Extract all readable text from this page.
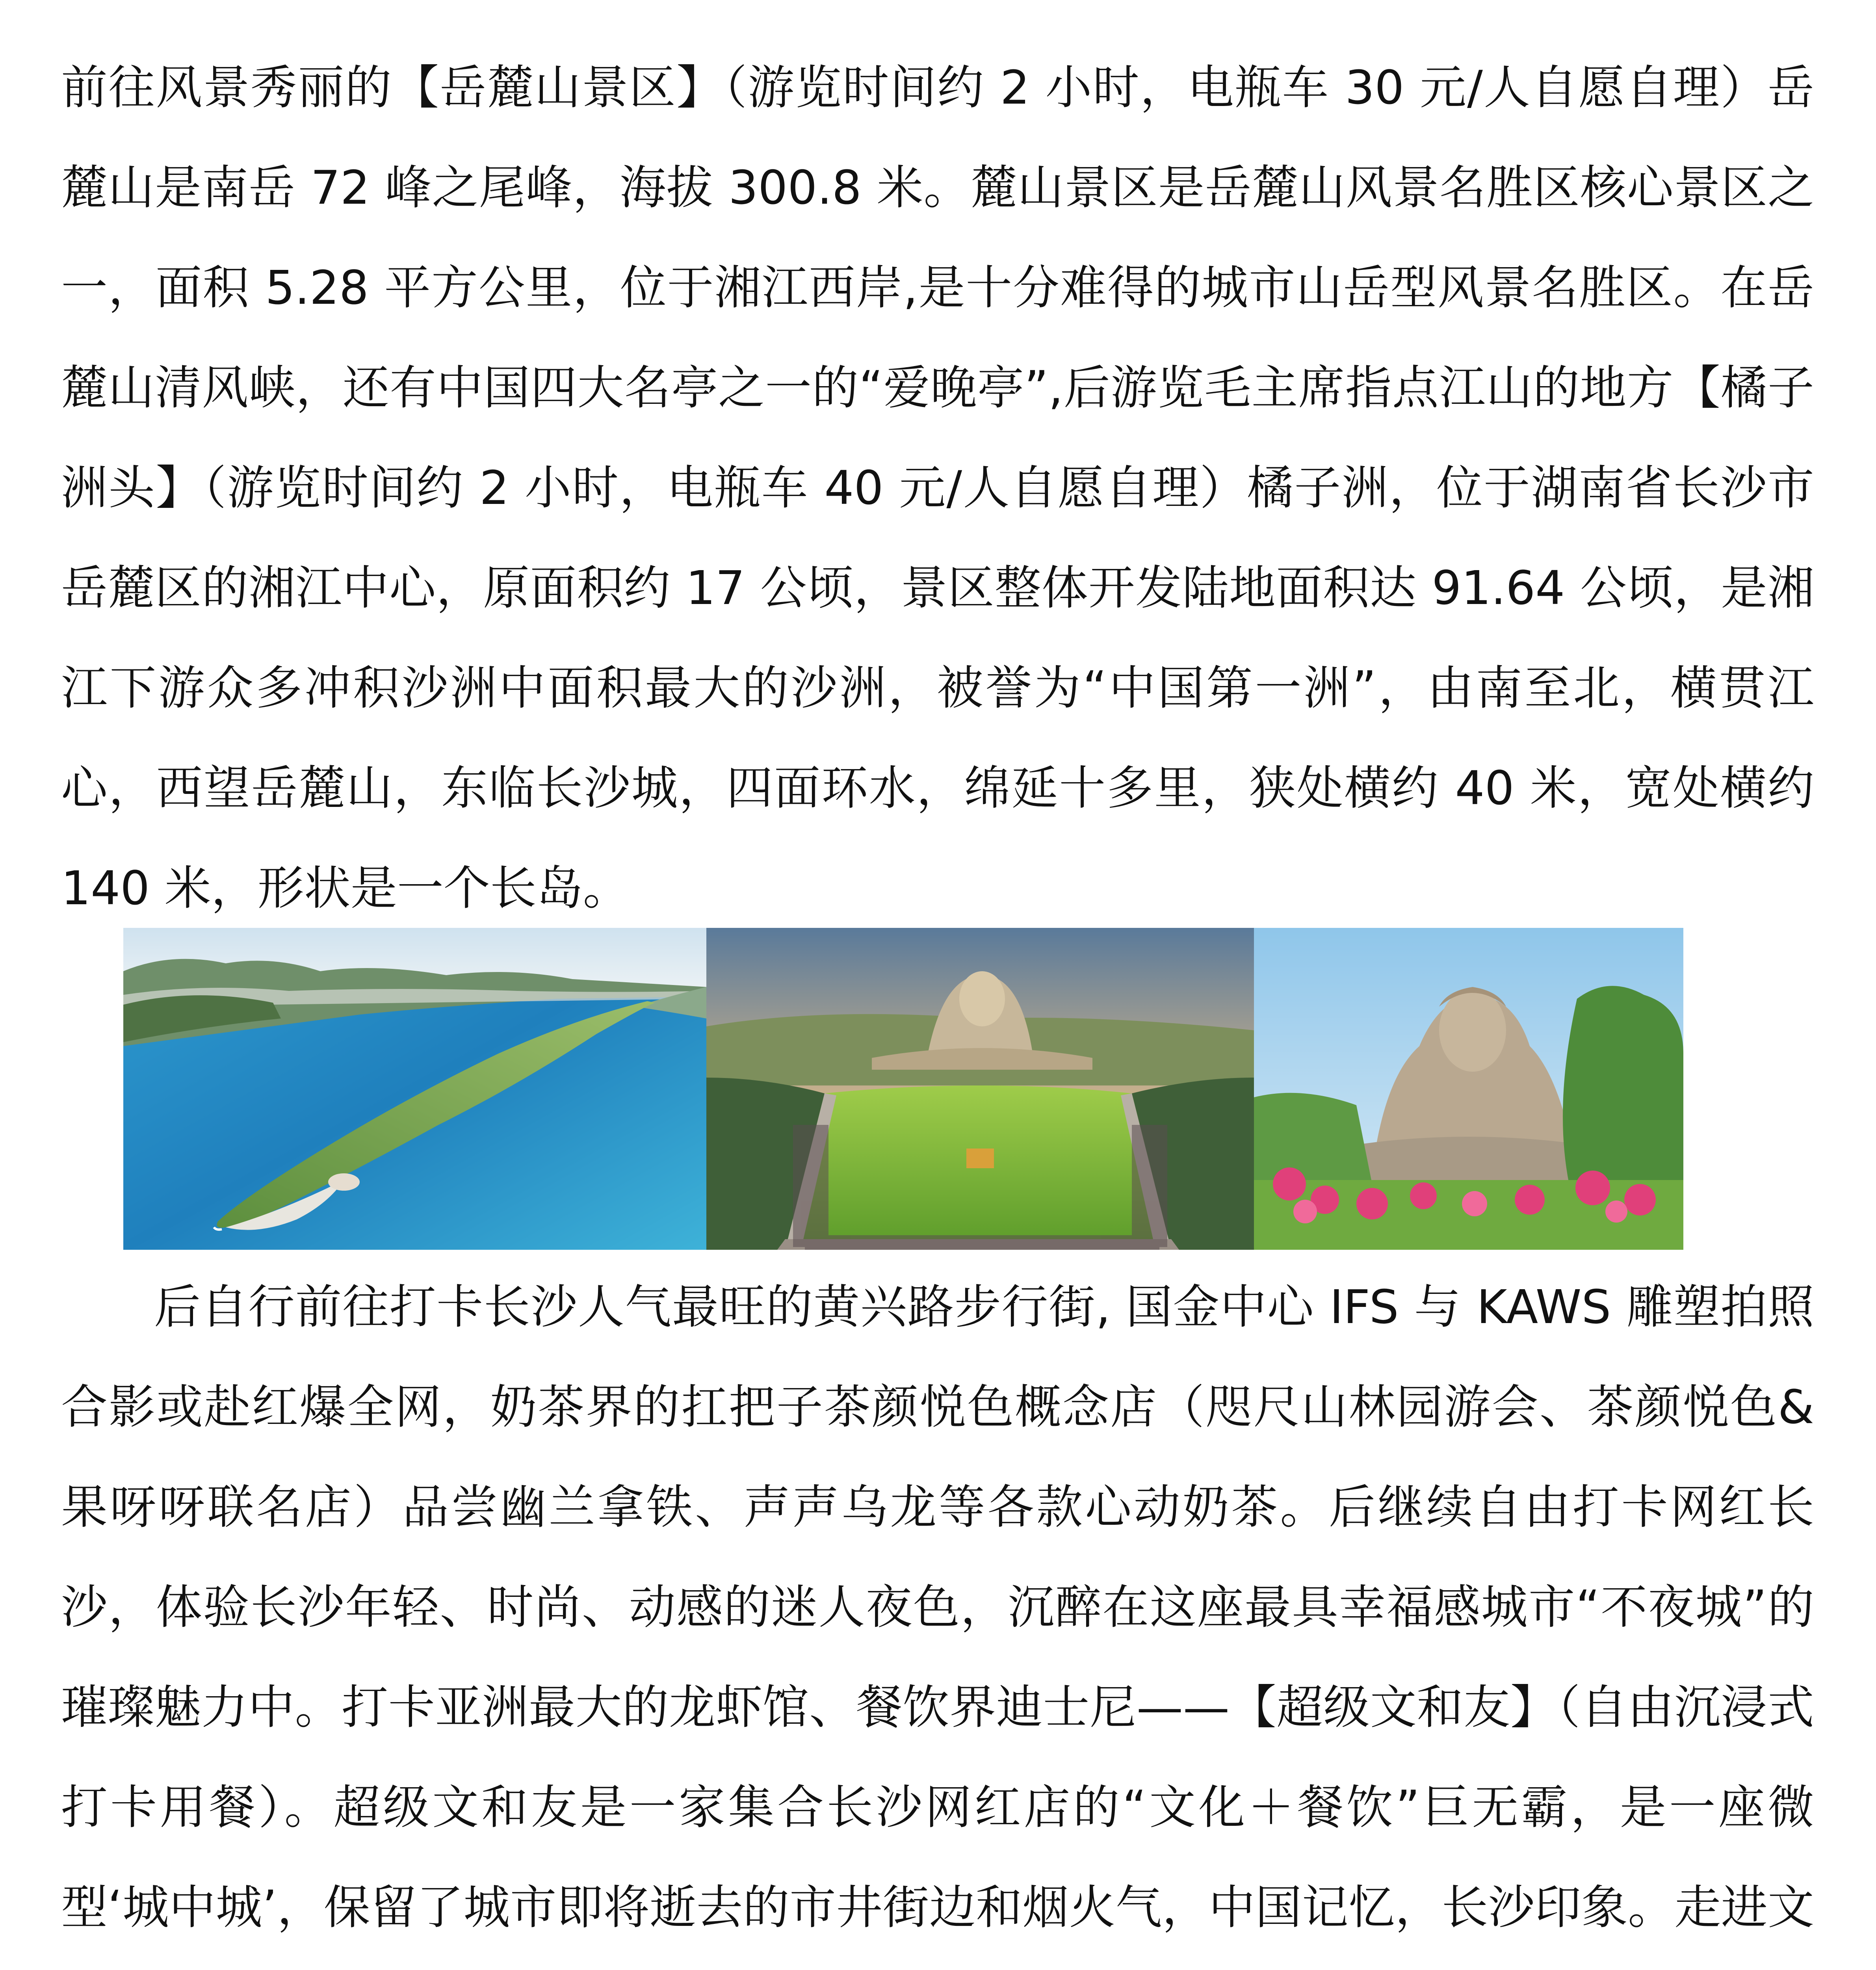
前往风景秀丽的【岳麓山景区】（游览时间约 2 小时，电瓶车 30 元/人自愿自理）岳麓山是南岳 72 峰之尾峰，海拔 300.8 米。麓山景区是岳麓山风景名胜区核心景区之一，面积 5.28 平方公里，位于湘江西岸,是十分难得的城市山岳型风景名胜区。在岳麓山清风峡，还有中国四大名亭之一的“爱晚亭”,后游览毛主席指点江山的地方【橘子洲头】（游览时间约 2 小时，电瓶车 40 元/人自愿自理）橘子洲，位于湖南省长沙市岳麓区的湘江中心，原面积约 17 公顷，景区整体开发陆地面积达 91.64 公顷，是湘江下游众多冲积沙洲中面积最大的沙洲，被誉为“中国第一洲”，由南至北，横贯江心，西望岳麓山，东临长沙城，四面环水，绵延十多里，狭处横约 40 米，宽处横约 140 米，形状是一个长岛。

后自行前往打卡长沙人气最旺的黄兴路步行街, 国金中心 IFS 与 KAWS 雕塑拍照合影或赴红爆全网，奶茶界的扛把子茶颜悦色概念店（咫尺山林园游会、茶颜悦色&果呀呀联名店）品尝幽兰拿铁、声声乌龙等各款心动奶茶。后继续自由打卡网红长沙，体验长沙年轻、时尚、动感的迷人夜色，沉醉在这座最具幸福感城市“不夜城”的璀璨魅力中。打卡亚洲最大的龙虾馆、餐饮界迪士尼——【超级文和友】（自由沉浸式打卡用餐）。超级文和友是一家集合长沙网红店的“文化＋餐饮”巨无霸，是一座微型‘城中城’，保留了城市即将逝去的市井街边和烟火气，中国记忆，长沙印象。走进文
